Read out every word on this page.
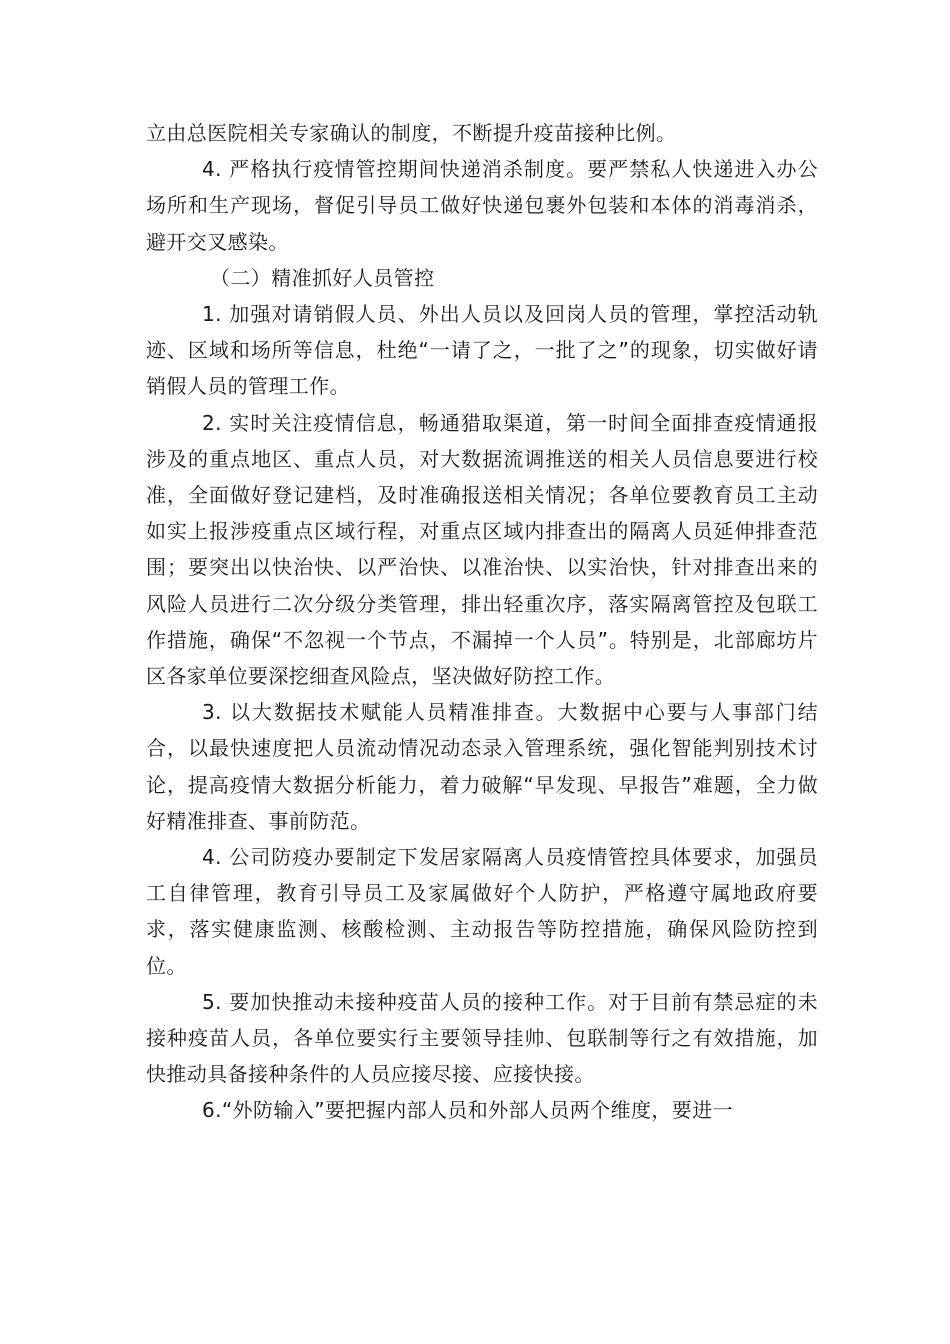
立由总医院相关专家确认的制度，不断提升疫苗接种比例。

4. 严格执行疫情管控期间快递消杀制度。要严禁私人快递进入办公场所和生产现场，督促引导员工做好快递包裹外包装和本体的消毒消杀，避开交叉感染。

（二）精准抓好人员管控

1. 加强对请销假人员、外出人员以及回岗人员的管理，掌控活动轨迹、区域和场所等信息，杜绝“一请了之，一批了之”的现象，切实做好请销假人员的管理工作。

2. 实时关注疫情信息，畅通猎取渠道，第一时间全面排查疫情通报涉及的重点地区、重点人员，对大数据流调推送的相关人员信息要进行校准，全面做好登记建档，及时准确报送相关情况；各单位要教育员工主动如实上报涉疫重点区域行程，对重点区域内排查出的隔离人员延伸排查范围；要突出以快治快、以严治快、以准治快、以实治快，针对排查出来的风险人员进行二次分级分类管理，排出轻重次序，落实隔离管控及包联工作措施，确保“不忽视一个节点，不漏掉一个人员”。特别是，北部廊坊片区各家单位要深挖细查风险点，坚决做好防控工作。

3. 以大数据技术赋能人员精准排查。大数据中心要与人事部门结合，以最快速度把人员流动情况动态录入管理系统，强化智能判别技术讨论，提高疫情大数据分析能力，着力破解“早发现、早报告”难题，全力做好精准排查、事前防范。

4. 公司防疫办要制定下发居家隔离人员疫情管控具体要求，加强员工自律管理，教育引导员工及家属做好个人防护，严格遵守属地政府要求，落实健康监测、核酸检测、主动报告等防控措施，确保风险防控到位。

5. 要加快推动未接种疫苗人员的接种工作。对于目前有禁忌症的未接种疫苗人员，各单位要实行主要领导挂帅、包联制等行之有效措施，加快推动具备接种条件的人员应接尽接、应接快接。

6.“外防输入”要把握内部人员和外部人员两个维度，要进一
